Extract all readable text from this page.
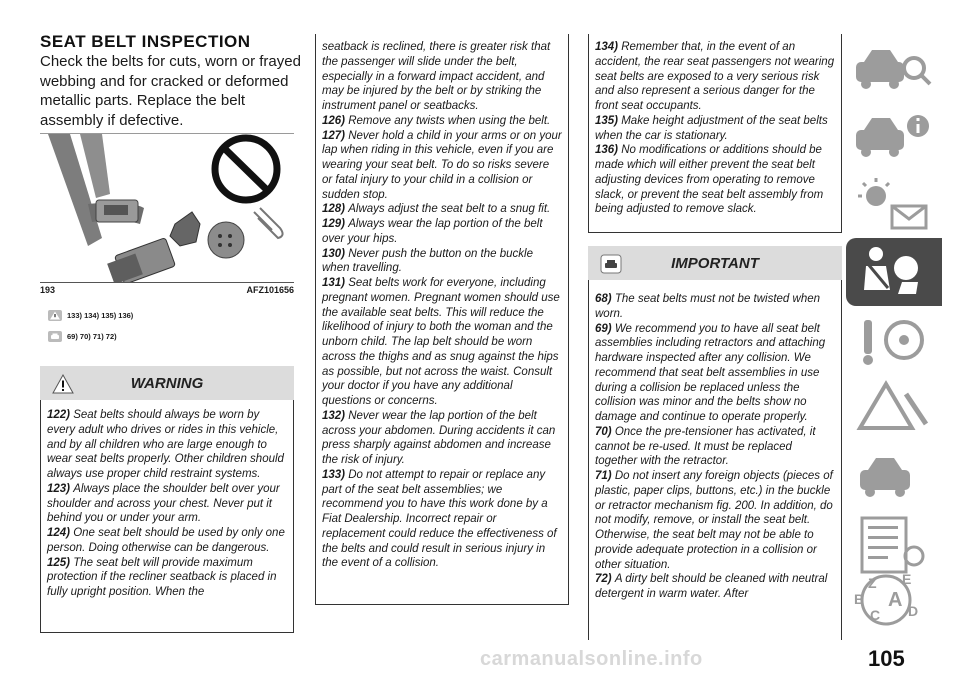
SEAT BELT INSPECTION

Check the belts for cuts, worn or frayed webbing and for cracked or deformed metallic parts. Replace the belt assembly if defective.

193	AFZ101656
133) 134) 135) 136)
69) 70) 71) 72)
WARNING

122) Seat belts should always be worn by every adult who drives or rides in this vehicle, and by all children who are large enough to wear seat belts properly. Other children should always use proper child restraint systems.

123) Always place the shoulder belt over your shoulder and across your chest. Never put it behind you or under your arm.

124) One seat belt should be used by only one person. Doing otherwise can be dangerous.

125) The seat belt will provide maximum protection if the recliner seatback is placed in fully upright position. When the

seatback is reclined, there is greater risk that the passenger will slide under the belt, especially in a forward impact accident, and may be injured by the belt or by striking the instrument panel or seatbacks.

126) Remove any twists when using the belt.

127) Never hold a child in your arms or on your lap when riding in this vehicle, even if you are wearing your seat belt. To do so risks severe or fatal injury to your child in a collision or sudden stop.

128) Always adjust the seat belt to a snug fit.

129) Always wear the lap portion of the belt over your hips.

130) Never push the button on the buckle when travelling.

131) Seat belts work for everyone, including pregnant women. Pregnant women should use the available seat belts. This will reduce the likelihood of injury to both the woman and the unborn child. The lap belt should be worn across the thighs and as snug against the hips as possible, but not across the waist. Consult your doctor if you have any additional questions or concerns.

132) Never wear the lap portion of the belt across your abdomen. During accidents it can press sharply against abdomen and increase the risk of injury.

133) Do not attempt to repair or replace any part of the seat belt assemblies; we recommend you to have this work done by a Fiat Dealership. Incorrect repair or replacement could reduce the effectiveness of the belts and could result in serious injury in the event of a collision.

134) Remember that, in the event of an accident, the rear seat passengers not wearing seat belts are exposed to a very serious risk and also represent a serious danger for the front seat occupants.

135) Make height adjustment of the seat belts when the car is stationary.

136) No modifications or additions should be made which will either prevent the seat belt adjusting devices from operating to remove slack, or prevent the seat belt assembly from being adjusted to remove slack.

IMPORTANT

68) The seat belts must not be twisted when worn.

69) We recommend you to have all seat belt assemblies including retractors and attaching hardware inspected after any collision. We recommend that seat belt assemblies in use during a collision be replaced unless the collision was minor and the belts show no damage and continue to operate properly.

70) Once the pre-tensioner has activated, it cannot be re-used. It must be replaced together with the retractor.

71) Do not insert any foreign objects (pieces of plastic, paper clips, buttons, etc.) in the buckle or retractor mechanism fig. 200. In addition, do not modify, remove, or install the seat belt. Otherwise, the seat belt may not be able to provide adequate protection in a collision or other situation.

72) A dirty belt should be cleaned with neutral detergent in warm water. After

Z E
B A
C D
carmanualsonline.info	105
